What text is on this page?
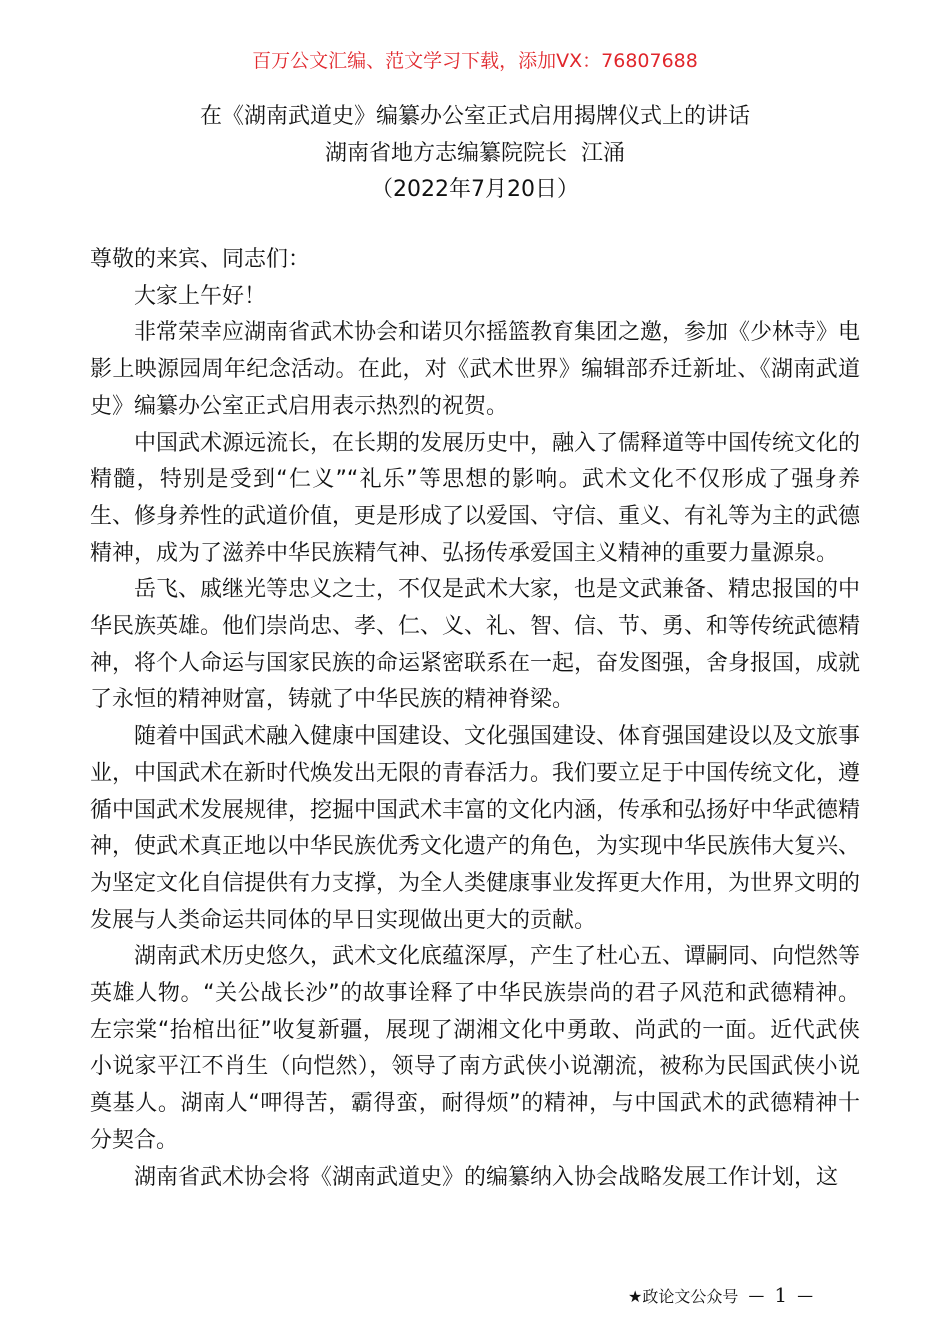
百万公文汇编、范文学习下载，添加VX：76807688
在《湖南武道史》编纂办公室正式启用揭牌仪式上的讲话
湖南省地方志编纂院院长  江涌
（2022年7月20日）

尊敬的来宾、同志们：

大家上午好！

非常荣幸应湖南省武术协会和诺贝尔摇篮教育集团之邀，参加《少林寺》电影上映源园周年纪念活动。在此，对《武术世界》编辑部乔迁新址、《湖南武道史》编纂办公室正式启用表示热烈的祝贺。

中国武术源远流长，在长期的发展历史中，融入了儒释道等中国传统文化的精髓，特别是受到“仁义”“礼乐”等思想的影响。武术文化不仅形成了强身养生、修身养性的武道价值，更是形成了以爱国、守信、重义、有礼等为主的武德精神，成为了滋养中华民族精气神、弘扬传承爱国主义精神的重要力量源泉。

岳飞、戚继光等忠义之士，不仅是武术大家，也是文武兼备、精忠报国的中华民族英雄。他们崇尚忠、孝、仁、义、礼、智、信、节、勇、和等传统武德精神，将个人命运与国家民族的命运紧密联系在一起，奋发图强，舍身报国，成就了永恒的精神财富，铸就了中华民族的精神脊梁。

随着中国武术融入健康中国建设、文化强国建设、体育强国建设以及文旅事业，中国武术在新时代焕发出无限的青春活力。我们要立足于中国传统文化，遵循中国武术发展规律，挖掘中国武术丰富的文化内涵，传承和弘扬好中华武德精神，使武术真正地以中华民族优秀文化遗产的角色，为实现中华民族伟大复兴、为坚定文化自信提供有力支撑，为全人类健康事业发挥更大作用，为世界文明的发展与人类命运共同体的早日实现做出更大的贡献。

湖南武术历史悠久，武术文化底蕴深厚，产生了杜心五、谭嗣同、向恺然等英雄人物。“关公战长沙”的故事诠释了中华民族崇尚的君子风范和武德精神。左宗棠“抬棺出征”收复新疆，展现了湖湘文化中勇敢、尚武的一面。近代武侠小说家平江不肖生（向恺然），领导了南方武侠小说潮流，被称为民国武侠小说奠基人。湖南人“呷得苦，霸得蛮，耐得烦”的精神，与中国武术的武德精神十分契合。

湖南省武术协会将《湖南武道史》的编纂纳入协会战略发展工作计划，这

★政论文公众号 — 1 —
